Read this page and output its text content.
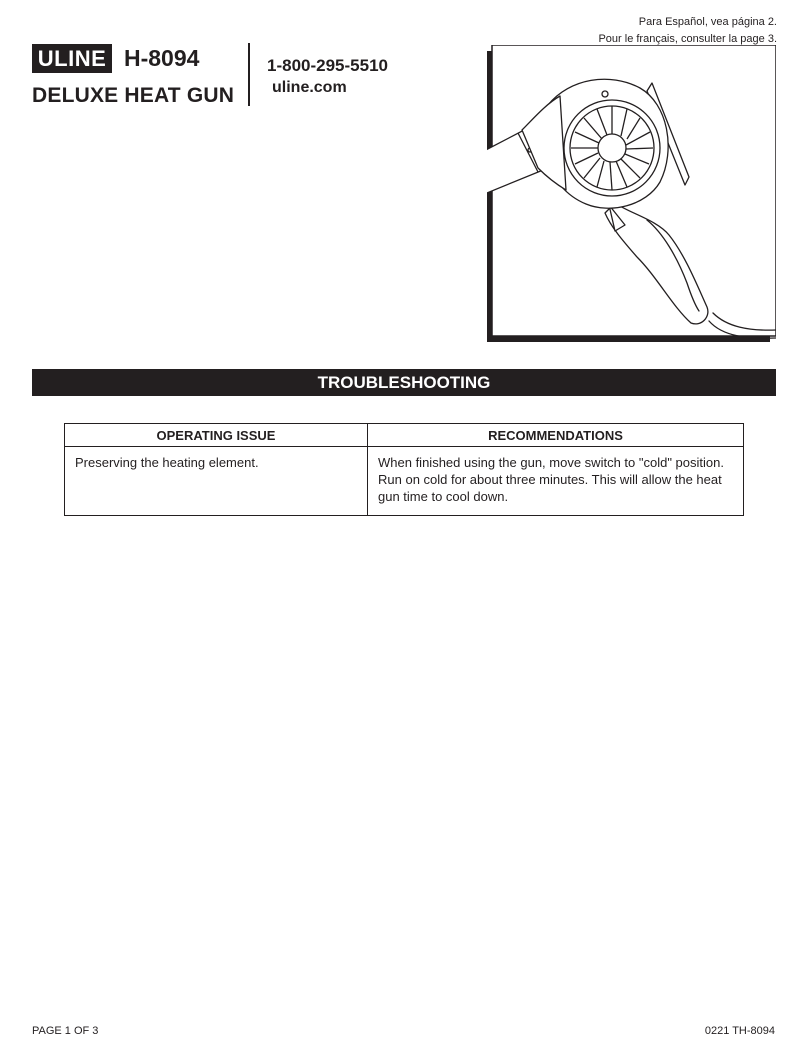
Para Español, vea página 2.
Pour le français, consulter la page 3.
ULINE H-8094
DELUXE HEAT GUN
1-800-295-5510
uline.com
TROUBLESHOOTING
OPERATING ISSUE	RECOMMENDATIONS
Preserving the heating element.	When finished using the gun, move switch to "cold" position. Run on cold for about three minutes. This will allow the heat gun time to cool down.
PAGE 1 OF 3	0221 TH-8094
